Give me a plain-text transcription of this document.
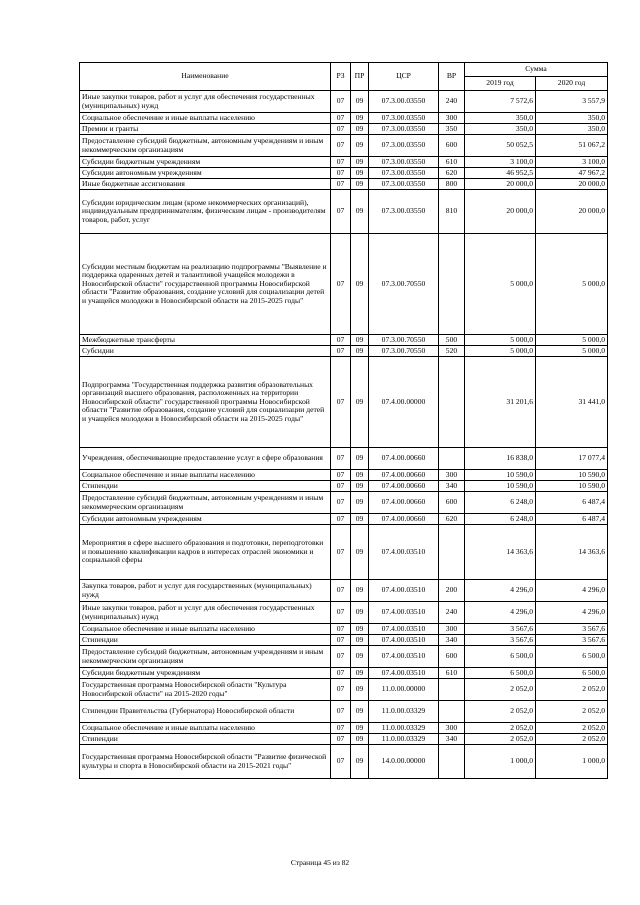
Наименование	РЗ	ПР	ЦСР	ВР	Сумма	
					2019 год	2020 год
Иные закупки товаров, работ и услуг для обеспечения государственных (муниципальных) нужд	07	09	07.3.00.03550	240	7 572,6	3 557,9
Социальное обеспечение и иные выплаты населению	07	09	07.3.00.03550	300	350,0	350,0
Премии и гранты	07	09	07.3.00.03550	350	350,0	350,0
Предоставление субсидий бюджетным, автономным учреждениям и иным некоммерческим организациям	07	09	07.3.00.03550	600	50 052,5	51 067,2
Субсидии бюджетным учреждениям	07	09	07.3.00.03550	610	3 100,0	3 100,0
Субсидии автономным учреждениям	07	09	07.3.00.03550	620	46 952,5	47 967,2
Иные бюджетные ассигнования	07	09	07.3.00.03550	800	20 000,0	20 000,0
Субсидии юридическим лицам (кроме некоммерческих организаций), индивидуальным предпринимателям, физическим лицам - производителям товаров, работ, услуг	07	09	07.3.00.03550	810	20 000,0	20 000,0
Субсидии местным бюджетам на реализацию подпрограммы "Выявление и поддержка одаренных детей и талантливой учащейся молодежи в Новосибирской области" государственной программы Новосибирской области "Развитие образования, создание условий для социализации детей и учащейся молодежи в Новосибирской области на 2015-2025 годы"	07	09	07.3.00.70550		5 000,0	5 000,0
Межбюджетные трансферты	07	09	07.3.00.70550	500	5 000,0	5 000,0
Субсидии	07	09	07.3.00.70550	520	5 000,0	5 000,0
Подпрограмма "Государственная поддержка развития образовательных организаций высшего образования, расположенных на территории Новосибирской области" государственной программы Новосибирской области "Развитие образования, создание условий для социализации детей и учащейся молодежи в Новосибирской области на 2015-2025 годы"	07	09	07.4.00.00000		31 201,6	31 441,0
Учреждения, обеспечивающие предоставление услуг в сфере образования	07	09	07.4.00.00660		16 838,0	17 077,4
Социальное обеспечение и иные выплаты населению	07	09	07.4.00.00660	300	10 590,0	10 590,0
Стипендии	07	09	07.4.00.00660	340	10 590,0	10 590,0
Предоставление субсидий бюджетным, автономным учреждениям и иным некоммерческим организациям	07	09	07.4.00.00660	600	6 248,0	6 487,4
Субсидии автономным учреждениям	07	09	07.4.00.00660	620	6 248,0	6 487,4
Мероприятия в сфере высшего образования и подготовки, переподготовки и повышению квалификации кадров в интересах отраслей экономики и социальной сферы	07	09	07.4.00.03510		14 363,6	14 363,6
Закупка товаров, работ и услуг для государственных (муниципальных) нужд	07	09	07.4.00.03510	200	4 296,0	4 296,0
Иные закупки товаров, работ и услуг для обеспечения государственных (муниципальных) нужд	07	09	07.4.00.03510	240	4 296,0	4 296,0
Социальное обеспечение и иные выплаты населению	07	09	07.4.00.03510	300	3 567,6	3 567,6
Стипендии	07	09	07.4.00.03510	340	3 567,6	3 567,6
Предоставление субсидий бюджетным, автономным учреждениям и иным некоммерческим организациям	07	09	07.4.00.03510	600	6 500,0	6 500,0
Субсидии бюджетным учреждениям	07	09	07.4.00.03510	610	6 500,0	6 500,0
Государственная программа Новосибирской области "Культура Новосибирской области" на 2015-2020 годы"	07	09	11.0.00.00000		2 052,0	2 052,0
Стипендии Правительства (Губернатора) Новосибирской области	07	09	11.0.00.03329		2 052,0	2 052,0
Социальное обеспечение и иные выплаты населению	07	09	11.0.00.03329	300	2 052,0	2 052,0
Стипендии	07	09	11.0.00.03329	340	2 052,0	2 052,0
Государственная программа Новосибирской области "Развитие физической культуры и спорта в Новосибирской области на 2015-2021 годы"	07	09	14.0.00.00000		1 000,0	1 000,0
Страница 45 из 82
